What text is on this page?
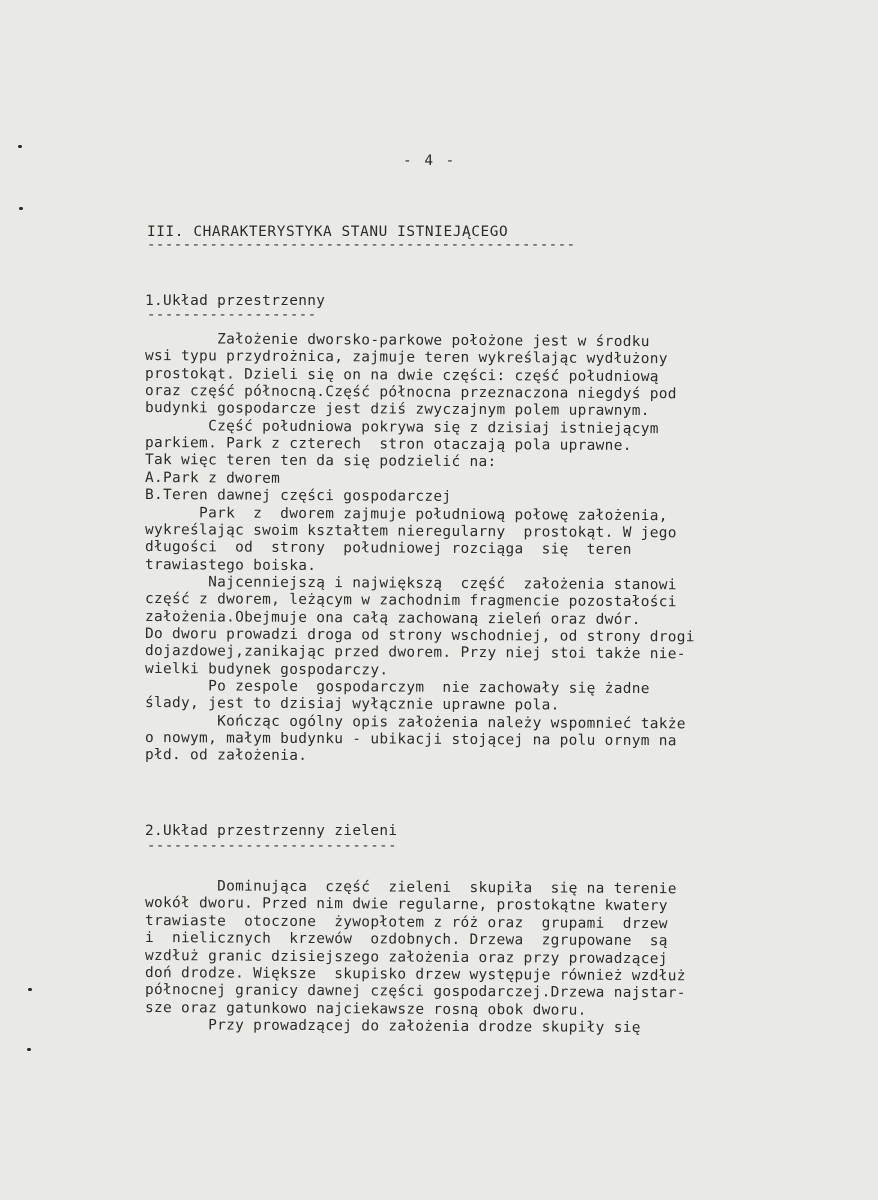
- 4 -
III. CHARAKTERYSTYKA STANU ISTNIEJĄCEGO
------------------------------------------------
1.Układ przestrzenny
-------------------
Założenie dworsko-parkowe położone jest w środku
wsi typu przydrożnica, zajmuje teren wykreślając wydłużony
prostokąt. Dzieli się on na dwie części: część południową
oraz część północną.Część północna przeznaczona niegdyś pod
budynki gospodarcze jest dziś zwyczajnym polem uprawnym.
Część południowa pokrywa się z dzisiaj istniejącym
parkiem. Park z czterech  stron otaczają pola uprawne.
Tak więc teren ten da się podzielić na:
A.Park z dworem
B.Teren dawnej części gospodarczej
Park  z  dworem zajmuje południową połowę założenia,
wykreślając swoim kształtem nieregularny  prostokąt. W jego
długości  od  strony  południowej rozciąga  się  teren
trawiastego boiska.
Najcenniejszą i największą  część  założenia stanowi
część z dworem, leżącym w zachodnim fragmencie pozostałości
założenia.Obejmuje ona całą zachowaną zieleń oraz dwór.
Do dworu prowadzi droga od strony wschodniej, od strony drogi
dojazdowej,zanikając przed dworem. Przy niej stoi także nie-
wielki budynek gospodarczy.
Po zespole  gospodarczym  nie zachowały się żadne
ślady, jest to dzisiaj wyłącznie uprawne pola.
Kończąc ogólny opis założenia należy wspomnieć także
o nowym, małym budynku - ubikacji stojącej na polu ornym na
płd. od założenia.
2.Układ przestrzenny zieleni
----------------------------
Dominująca  część  zieleni  skupiła  się na terenie
wokół dworu. Przed nim dwie regularne, prostokątne kwatery
trawiaste  otoczone  żywopłotem z róż oraz  grupami  drzew
i  nielicznych  krzewów  ozdobnych. Drzewa  zgrupowane  są
wzdłuż granic dzisiejszego założenia oraz przy prowadzącej
doń drodze. Większe  skupisko drzew występuje również wzdłuż
północnej granicy dawnej części gospodarczej.Drzewa najstar-
sze oraz gatunkowo najciekawsze rosną obok dworu.
Przy prowadzącej do założenia drodze skupiły się
